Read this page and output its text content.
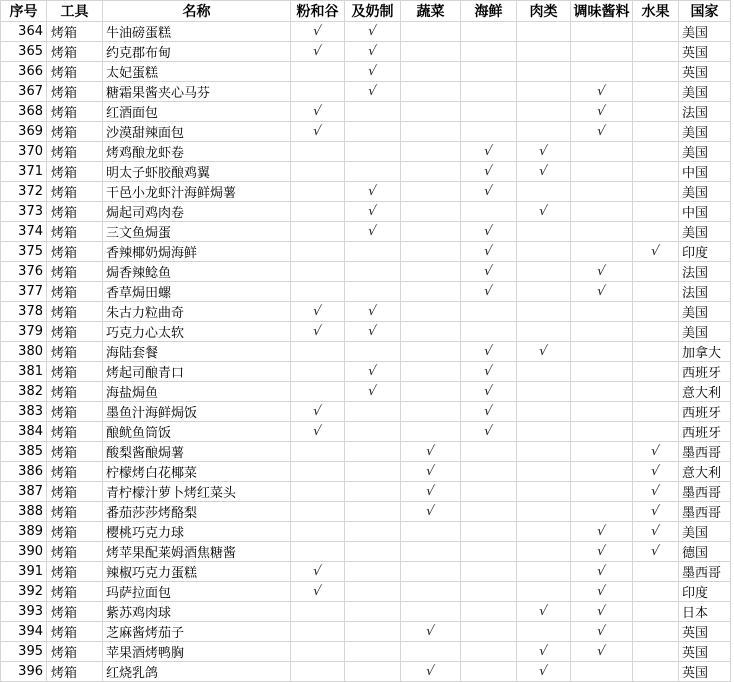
序号	工具	名称	粉和谷	及奶制	蔬菜	海鲜	肉类	调味酱料	水果	国家
364	烤箱	牛油磅蛋糕	√	√						美国
365	烤箱	约克郡布甸	√	√						英国
366	烤箱	太妃蛋糕		√						英国
367	烤箱	糖霜果酱夹心马芬		√				√		美国
368	烤箱	红酒面包	√					√		法国
369	烤箱	沙漠甜辣面包	√					√		美国
370	烤箱	烤鸡酿龙虾卷				√	√			美国
371	烤箱	明太子虾胶酿鸡翼				√	√			中国
372	烤箱	干邑小龙虾汁海鲜焗薯		√		√				美国
373	烤箱	焗起司鸡肉卷		√			√			中国
374	烤箱	三文鱼焗蛋		√		√				美国
375	烤箱	香辣椰奶焗海鲜				√			√	印度
376	烤箱	焗香辣鲶鱼				√		√		法国
377	烤箱	香草焗田螺				√		√		法国
378	烤箱	朱古力粒曲奇	√	√						美国
379	烤箱	巧克力心太软	√	√						美国
380	烤箱	海陆套餐				√	√			加拿大
381	烤箱	烤起司酿青口		√		√				西班牙
382	烤箱	海盐焗鱼		√		√				意大利
383	烤箱	墨鱼汁海鲜焗饭	√			√				西班牙
384	烤箱	酿鱿鱼筒饭	√			√				西班牙
385	烤箱	酸梨酱酿焗薯			√				√	墨西哥
386	烤箱	柠檬烤白花椰菜			√				√	意大利
387	烤箱	青柠檬汁萝卜烤红菜头			√				√	墨西哥
388	烤箱	番茄莎莎烤酪梨			√				√	墨西哥
389	烤箱	樱桃巧克力球						√	√	美国
390	烤箱	烤苹果配莱姆酒焦糖酱						√	√	德国
391	烤箱	辣椒巧克力蛋糕	√					√		墨西哥
392	烤箱	玛萨拉面包	√					√		印度
393	烤箱	紫苏鸡肉球					√	√		日本
394	烤箱	芝麻酱烤茄子			√			√		英国
395	烤箱	苹果酒烤鸭胸					√	√		英国
396	烤箱	红烧乳鸽			√		√			英国
